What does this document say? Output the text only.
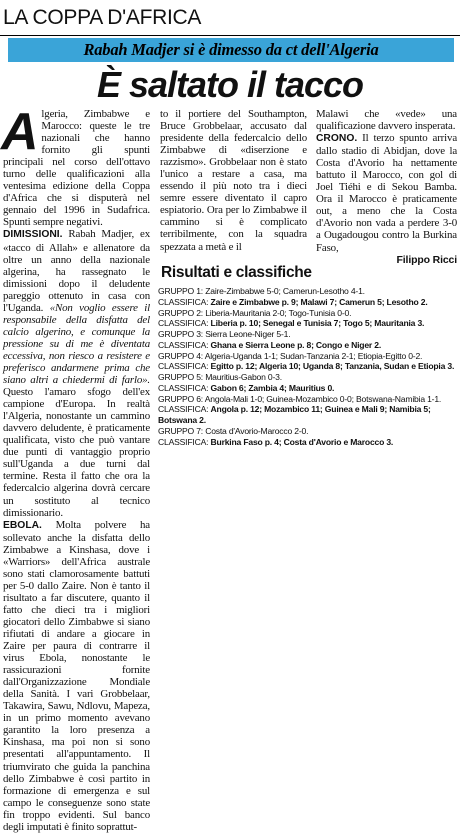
LA COPPA D'AFRICA
Rabah Madjer si è dimesso da ct dell'Algeria
È saltato il tacco

Algeria, Zimbabwe e Marocco: queste le tre nazionali che hanno fornito gli spunti principali nel corso dell'ottavo turno delle qualificazioni alla ventesima edizione della Coppa d'Africa che si disputerà nel gennaio del 1996 in Sudafrica. Spunti sempre negativi.

DIMISSIONI. Rabah Madjer, ex «tacco di Allah» e allenatore da oltre un anno della nazionale algerina, ha rassegnato le dimissioni dopo il deludente pareggio ottenuto in casa con l'Uganda. «Non voglio essere il responsabile della disfatta del calcio algerino, e comunque la pressione su di me è diventata eccessiva, non riesco a resistere e preferisco andarmene prima che siano altri a chiedermi di farlo». Questo l'amaro sfogo dell'ex campione d'Europa. In realtà l'Algeria, nonostante un cammino davvero deludente, è praticamente qualificata, visto che può vantare due punti di vantaggio proprio sull'Uganda a due turni dal termine. Resta il fatto che ora la federcalcio algerina dovrà cercare un sostituto al tecnico dimissionario.

EBOLA. Molta polvere ha sollevato anche la disfatta dello Zimbabwe a Kinshasa, dove i «Warriors» dell'Africa australe sono stati clamorosamente battuti per 5-0 dallo Zaire. Non è tanto il risultato a far discutere, quanto il fatto che dieci tra i migliori giocatori dello Zimbabwe si siano rifiutati di andare a giocare in Zaire per paura di contrarre il virus Ebola, nonostante le rassicurazioni fornite dall'Organizzazione Mondiale della Sanità. I vari Grobbelaar, Takawira, Sawu, Ndlovu, Mapeza, in un primo momento avevano garantito la loro presenza a Kinshasa, ma poi non si sono presentati all'appuntamento. Il triumvirato che guida la panchina dello Zimbabwe è così partito in formazione di emergenza e sul campo le conseguenze sono state fin troppo evidenti. Sul banco degli imputati è finito soprattut-

to il portiere del Southampton, Bruce Grobbelaar, accusato dal presidente della federcalcio dello Zimbabwe di «diserzione e razzismo». Grobbelaar non è stato l'unico a restare a casa, ma essendo il più noto tra i dieci semre essere diventato il capro espiatorio. Ora per lo Zimbabwe il cammino si è complicato terribilmente, con la squadra spezzata a metà e il

Malawi che «vede» una qualificazione davvero insperata.

CRONO. Il terzo spunto arriva dallo stadio di Abidjan, dove la Costa d'Avorio ha nettamente battuto il Marocco, con gol di Joel Tiéhi e di Sekou Bamba. Ora il Marocco è praticamente out, a meno che la Costa d'Avorio non vada a perdere 3-0 a Ougadougou contro la Burkina Faso,

Filippo Ricci
Risultati e classifiche
GRUPPO 1: Zaire-Zimbabwe 5-0; Camerun-Lesotho 4-1.
CLASSIFICA: Zaire e Zimbabwe p. 9; Malawi 7; Camerun 5; Lesotho 2.
GRUPPO 2: Liberia-Mauritania 2-0; Togo-Tunisia 0-0.
CLASSIFICA: Liberia p. 10; Senegal e Tunisia 7; Togo 5; Mauritania 3.
GRUPPO 3: Sierra Leone-Niger 5-1.
CLASSIFICA: Ghana e Sierra Leone p. 8; Congo e Niger 2.
GRUPPO 4: Algeria-Uganda 1-1; Sudan-Tanzania 2-1; Etiopia-Egitto 0-2.
CLASSIFICA: Egitto p. 12; Algeria 10; Uganda 8; Tanzania, Sudan e Etiopia 3.
GRUPPO 5: Mauritius-Gabon 0-3.
CLASSIFICA: Gabon 6; Zambia 4; Mauritius 0.
GRUPPO 6: Angola-Mali 1-0; Guinea-Mozambico 0-0; Botswana-Namibia 1-1.
CLASSIFICA: Angola p. 12; Mozambico 11; Guinea e Mali 9; Namibia 5; Botswana 2.
GRUPPO 7: Costa d'Avorio-Marocco 2-0.
CLASSIFICA: Burkina Faso p. 4; Costa d'Avorio e Marocco 3.
